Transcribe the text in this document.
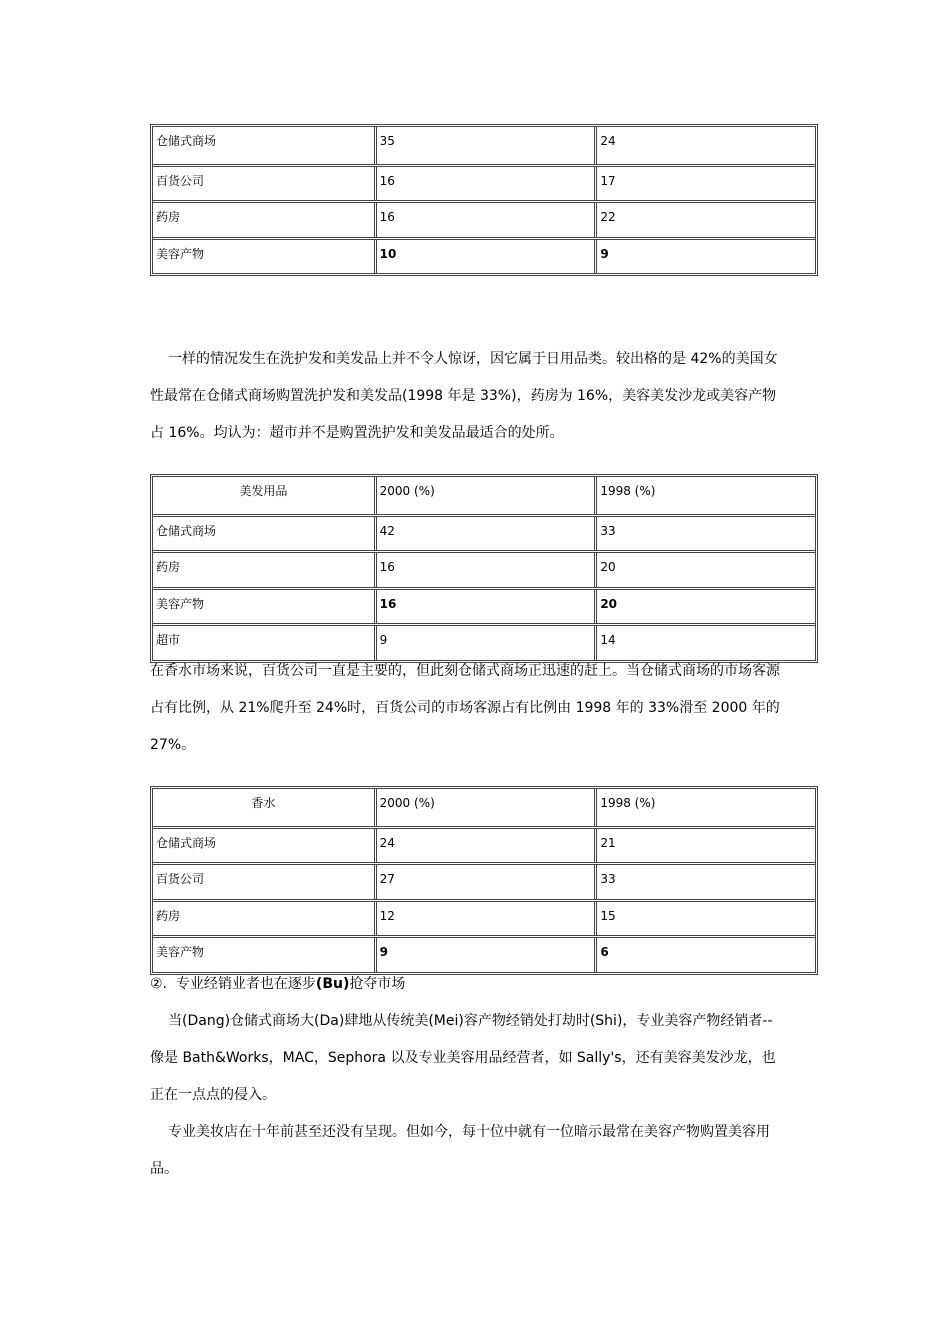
仓储式商场	35	24
百货公司	16	17
药房	16	22
美容产物	10	9
一样的情况发生在洗护发和美发品上并不令人惊讶，因它属于日用品类。较出格的是 42%的美国女
性最常在仓储式商场购置洗护发和美发品(1998 年是 33%)，药房为 16%，美容美发沙龙或美容产物
占 16%。均认为：超市并不是购置洗护发和美发品最适合的处所。
美发用品	2000 (%)	1998 (%)
仓储式商场	42	33
药房	16	20
美容产物	16	20
超市	9	14
在香水市场来说，百货公司一直是主要的，但此刻仓储式商场正迅速的赶上。当仓储式商场的市场客源
占有比例，从 21%爬升至 24%时，百货公司的市场客源占有比例由 1998 年的 33%滑至 2000 年的
27%。
香水	2000 (%)	1998 (%)
仓储式商场	24	21
百货公司	27	33
药房	12	15
美容产物	9	6
②. 专业经销业者也在逐步(Bu)抢夺市场
当(Dang)仓储式商场大(Da)肆地从传统美(Mei)容产物经销处打劫时(Shi)，专业美容产物经销者--
像是 Bath&Works，MAC，Sephora 以及专业美容用品经营者，如 Sally's，还有美容美发沙龙，也
正在一点点的侵入。
专业美妆店在十年前甚至还没有呈现。但如今，每十位中就有一位暗示最常在美容产物购置美容用
品。
